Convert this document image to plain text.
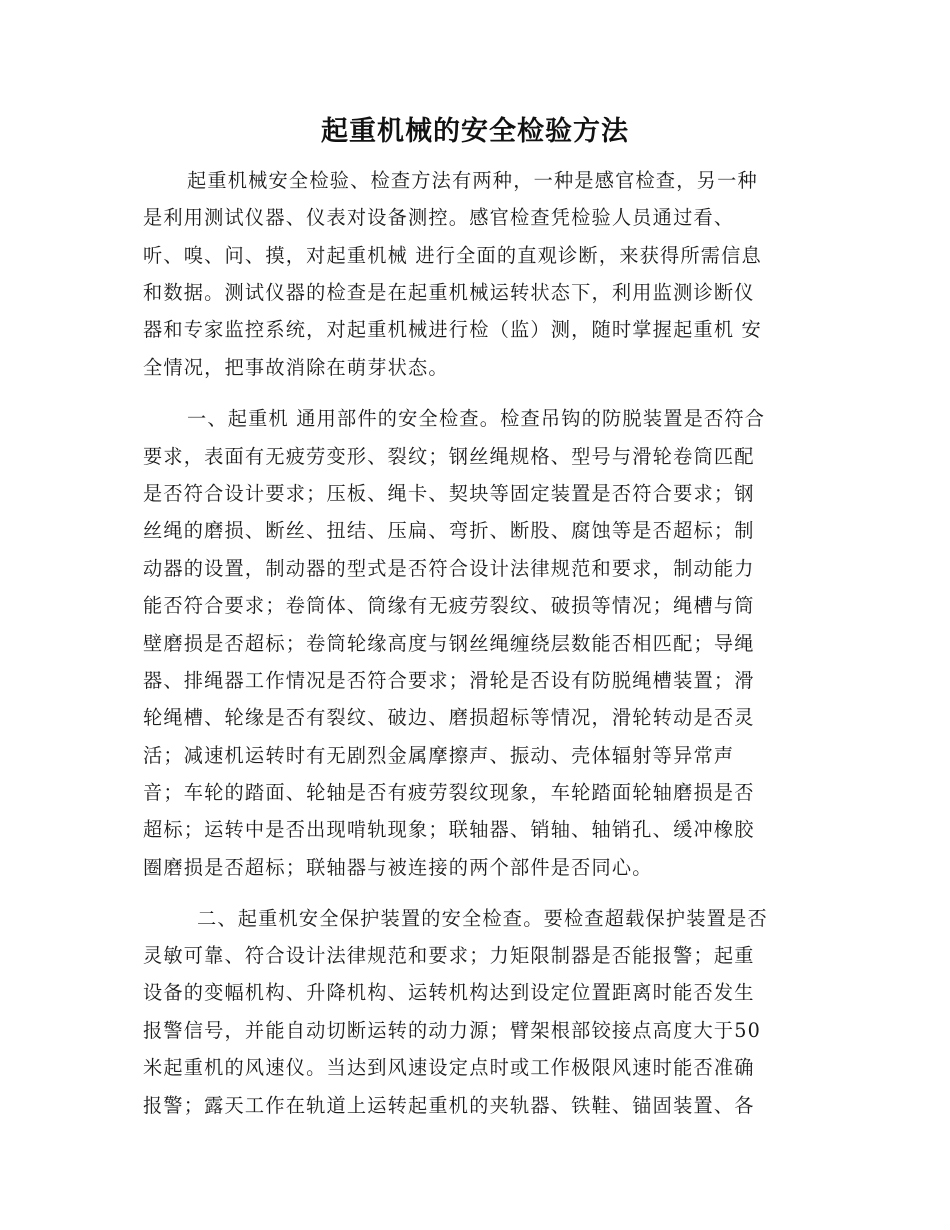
起重机械的安全检验方法
起重机械安全检验、检查方法有两种，一种是感官检查，另一种
是利用测试仪器、仪表对设备测控。感官检查凭检验人员通过看、
听、嗅、问、摸，对起重机械 进行全面的直观诊断，来获得所需信息
和数据。测试仪器的检查是在起重机械运转状态下，利用监测诊断仪
器和专家监控系统，对起重机械进行检（监）测，随时掌握起重机 安
全情况，把事故消除在萌芽状态。
一、起重机 通用部件的安全检查。检查吊钩的防脱装置是否符合
要求，表面有无疲劳变形、裂纹；钢丝绳规格、型号与滑轮卷筒匹配
是否符合设计要求；压板、绳卡、契块等固定装置是否符合要求；钢
丝绳的磨损、断丝、扭结、压扁、弯折、断股、腐蚀等是否超标；制
动器的设置，制动器的型式是否符合设计法律规范和要求，制动能力
能否符合要求；卷筒体、筒缘有无疲劳裂纹、破损等情况；绳槽与筒
壁磨损是否超标；卷筒轮缘高度与钢丝绳缠绕层数能否相匹配；导绳
器、排绳器工作情况是否符合要求；滑轮是否设有防脱绳槽装置；滑
轮绳槽、轮缘是否有裂纹、破边、磨损超标等情况，滑轮转动是否灵
活；减速机运转时有无剧烈金属摩擦声、振动、壳体辐射等异常声
音；车轮的踏面、轮轴是否有疲劳裂纹现象，车轮踏面轮轴磨损是否
超标；运转中是否出现啃轨现象；联轴器、销轴、轴销孔、缓冲橡胶
圈磨损是否超标；联轴器与被连接的两个部件是否同心。
二、起重机安全保护装置的安全检查。要检查超载保护装置是否
灵敏可靠、符合设计法律规范和要求；力矩限制器是否能报警；起重
设备的变幅机构、升降机构、运转机构达到设定位置距离时能否发生
报警信号，并能自动切断运转的动力源；臂架根部铰接点高度大于50
米起重机的风速仪。当达到风速设定点时或工作极限风速时能否准确
报警；露天工作在轨道上运转起重机的夹轨器、铁鞋、锚固装置、各
